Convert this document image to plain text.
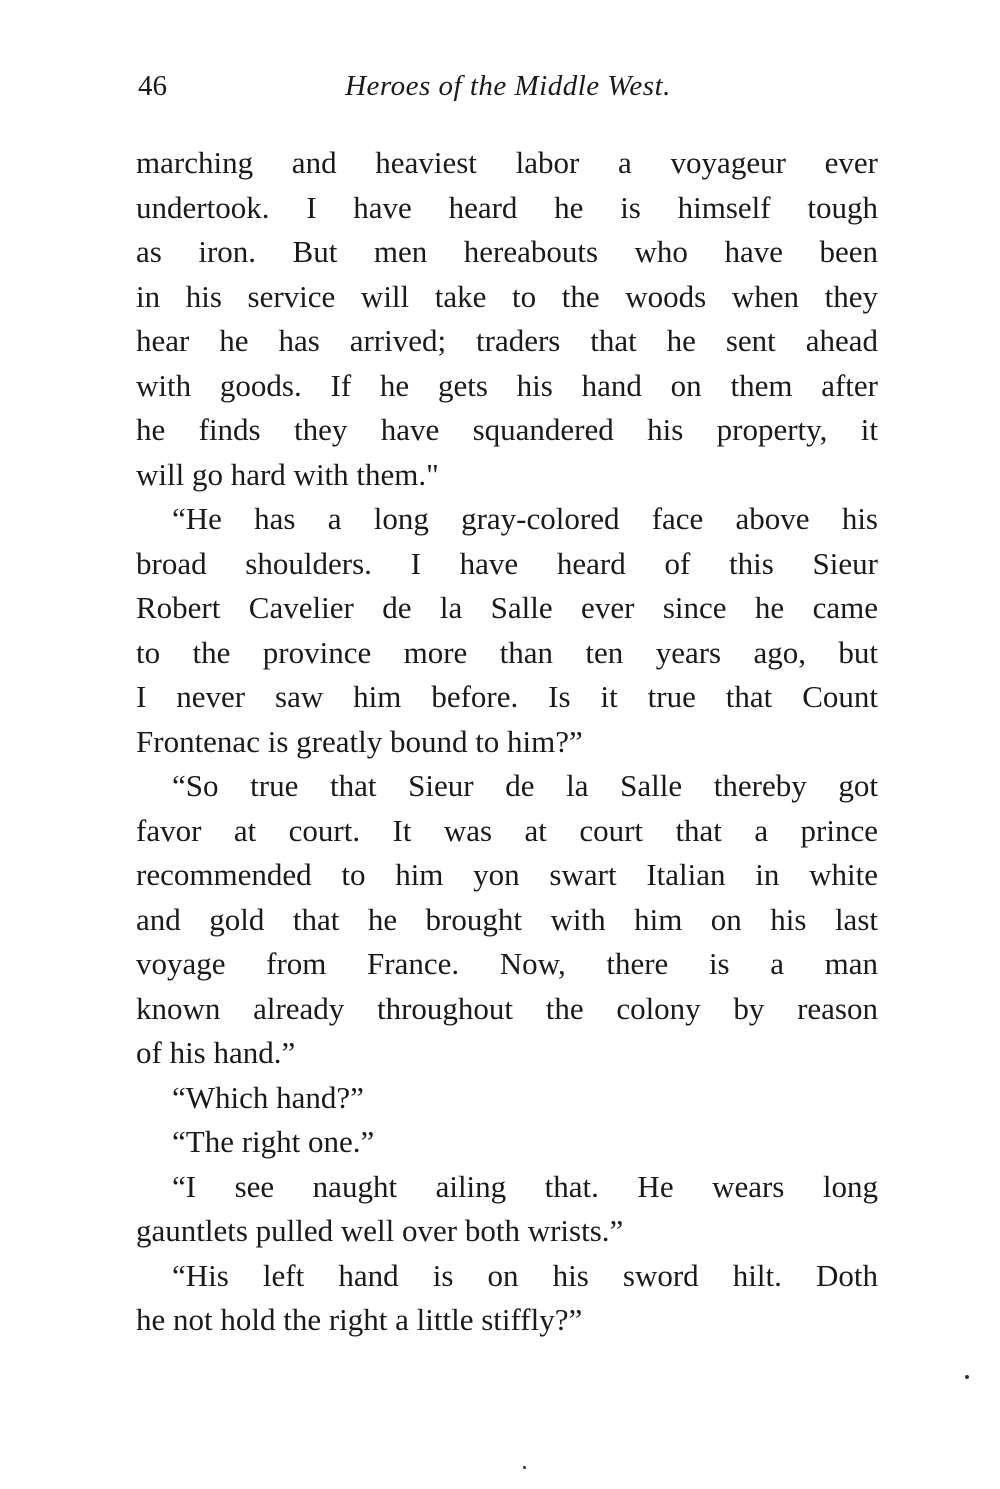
46	Heroes of the Middle West.
marching and heaviest labor a voyageur ever
undertook. I have heard he is himself tough
as iron. But men hereabouts who have been
in his service will take to the woods when they
hear he has arrived; traders that he sent ahead
with goods. If he gets his hand on them after
he finds they have squandered his property, it
will go hard with them."
“He has a long gray-colored face above his
broad shoulders. I have heard of this Sieur
Robert Cavelier de la Salle ever since he came
to the province more than ten years ago, but
I never saw him before. Is it true that Count
Frontenac is greatly bound to him?”
“So true that Sieur de la Salle thereby got
favor at court. It was at court that a prince
recommended to him yon swart Italian in white
and gold that he brought with him on his last
voyage from France. Now, there is a man
known already throughout the colony by reason
of his hand.”
“Which hand?”
“The right one.”
“I see naught ailing that. He wears long
gauntlets pulled well over both wrists.”
“His left hand is on his sword hilt. Doth
he not hold the right a little stiffly?”
